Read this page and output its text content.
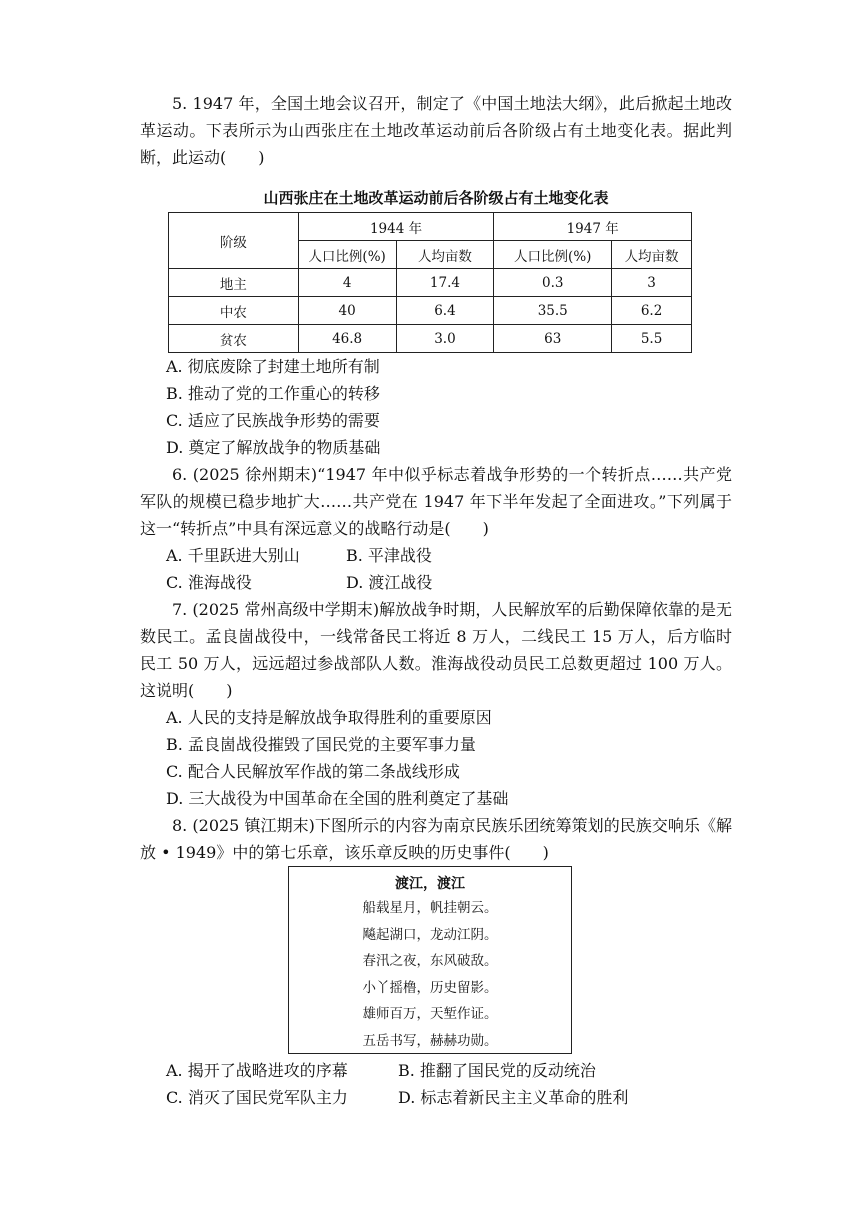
5. 1947 年，全国土地会议召开，制定了《中国土地法大纲》，此后掀起土地改革运动。下表所示为山西张庄在土地改革运动前后各阶级占有土地变化表。据此判断，此运动(　　)

山西张庄在土地改革运动前后各阶级占有土地变化表
阶级	1944 年		1947 年	
	人口比例(%)	人均亩数	人口比例(%)	人均亩数
地主	4	17.4	0.3	3
中农	40	6.4	35.5	6.2
贫农	46.8	3.0	63	5.5
A. 彻底废除了封建土地所有制
B. 推动了党的工作重心的转移
C. 适应了民族战争形势的需要
D. 奠定了解放战争的物质基础

6. (2025 徐州期末)“1947 年中似乎标志着战争形势的一个转折点……共产党军队的规模已稳步地扩大……共产党在 1947 年下半年发起了全面进攻。”下列属于这一“转折点”中具有深远意义的战略行动是(　　)

A. 千里跃进大别山	B. 平津战役
C. 淮海战役	D. 渡江战役

7. (2025 常州高级中学期末)解放战争时期，人民解放军的后勤保障依靠的是无数民工。孟良崮战役中，一线常备民工将近 8 万人，二线民工 15 万人，后方临时民工 50 万人，远远超过参战部队人数。淮海战役动员民工总数更超过 100 万人。这说明(　　)

A. 人民的支持是解放战争取得胜利的重要原因
B. 孟良崮战役摧毁了国民党的主要军事力量
C. 配合人民解放军作战的第二条战线形成
D. 三大战役为中国革命在全国的胜利奠定了基础

8. (2025 镇江期末)下图所示的内容为南京民族乐团统筹策划的民族交响乐《解放 • 1949》中的第七乐章，该乐章反映的历史事件(　　)

渡江，渡江
船载星月，帆挂朝云。
飚起湖口，龙动江阴。
春汛之夜，东风破敌。
小丫摇橹，历史留影。
雄师百万，天堑作证。
五岳书写，赫赫功勋。
A. 揭开了战略进攻的序幕	B. 推翻了国民党的反动统治
C. 消灭了国民党军队主力	D. 标志着新民主主义革命的胜利
